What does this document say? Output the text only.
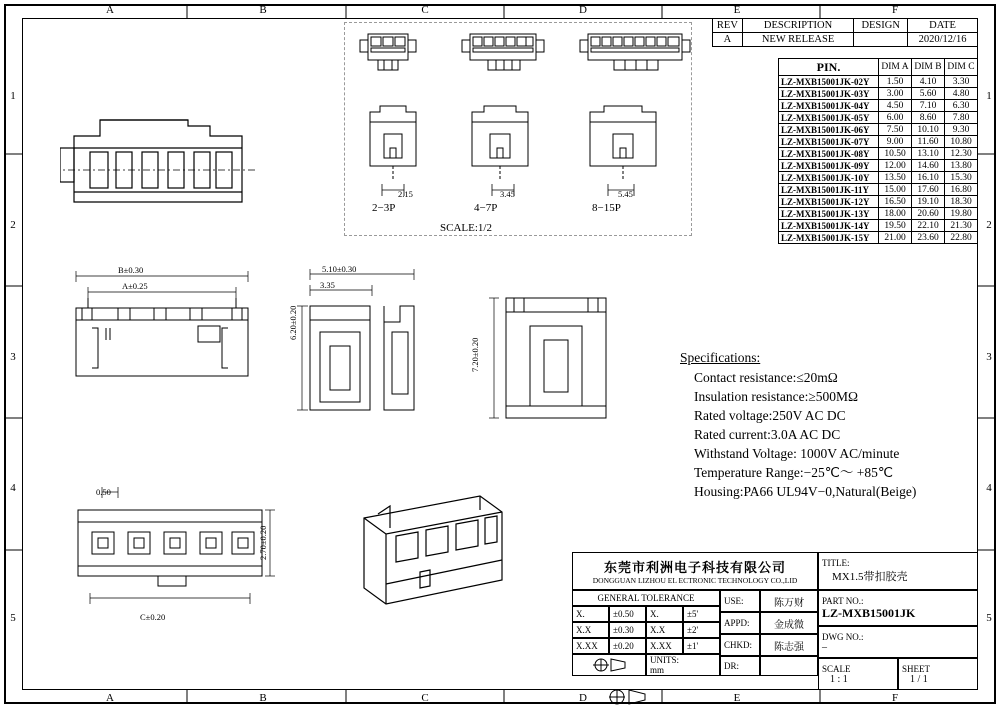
A	B	C	D	E	F
A	B	C	D	E	F
1
2
3
4
5
1
2
3
4
5
SCALE:1/2
2.15	3.45	5.45
2−3P	4−7P	8−15P
B±0.30
A±0.25
5.10±0.30
3.35
6.20±0.20
7.20±0.20
0.50
2.70±0.20
C±0.20
REV	DESCRIPTION	DESIGN	DATE
A	NEW RELEASE		2020/12/16
PIN.	DIM A	DIM B	DIM C
LZ-MXB15001JK-02Y	1.50	4.10	3.30
LZ-MXB15001JK-03Y	3.00	5.60	4.80
LZ-MXB15001JK-04Y	4.50	7.10	6.30
LZ-MXB15001JK-05Y	6.00	8.60	7.80
LZ-MXB15001JK-06Y	7.50	10.10	9.30
LZ-MXB15001JK-07Y	9.00	11.60	10.80
LZ-MXB15001JK-08Y	10.50	13.10	12.30
LZ-MXB15001JK-09Y	12.00	14.60	13.80
LZ-MXB15001JK-10Y	13.50	16.10	15.30
LZ-MXB15001JK-11Y	15.00	17.60	16.80
LZ-MXB15001JK-12Y	16.50	19.10	18.30
LZ-MXB15001JK-13Y	18.00	20.60	19.80
LZ-MXB15001JK-14Y	19.50	22.10	21.30
LZ-MXB15001JK-15Y	21.00	23.60	22.80
Specifications:
Contact resistance:≤20mΩ
Insulation resistance:≥500MΩ
Rated voltage:250V AC DC
Rated current:3.0A AC DC
Withstand Voltage: 1000V AC/minute
Temperature Range:−25℃～ +85℃
Housing:PA66 UL94V−0,Natural(Beige)
东莞市利洲电子科技有限公司
DONGGUAN LIZHOU EL ECTRONIC TECHNOLOGY CO.,LID
GENERAL TOLERANCE
X.	±0.50	X.	±5'
X.X	±0.30	X.X	±2'
X.XX	±0.20	X.XX	±1'
UNITS:
mm
USE:	陈万财
APPD:	金成微
CHKD:	陈志强
DR:
TITLE:
MX1.5带扣胶壳
PART NO.:
LZ-MXB15001JK
DWG NO.:
–
SCALE
1 : 1
SHEET
1 / 1
